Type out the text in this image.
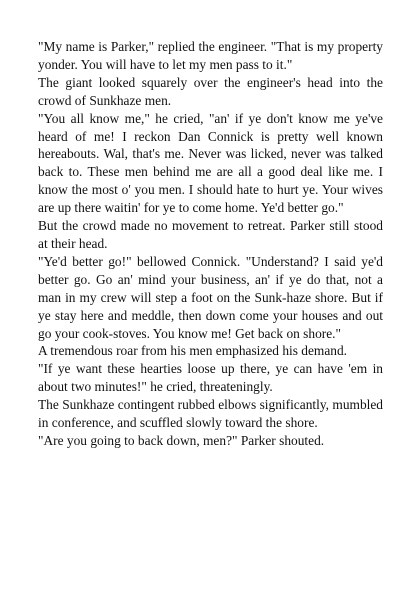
"My name is Parker," replied the engineer. "That is my property yonder. You will have to let my men pass to it."

The giant looked squarely over the engineer's head into the crowd of Sunkhaze men.

"You all know me," he cried, "an' if ye don't know me ye've heard of me! I reckon Dan Connick is pretty well known hereabouts. Wal, that's me. Never was licked, never was talked back to. These men behind me are all a good deal like me. I know the most o' you men. I should hate to hurt ye. Your wives are up there waitin' for ye to come home. Ye'd better go."

But the crowd made no movement to retreat. Parker still stood at their head.

"Ye'd better go!" bellowed Connick. "Understand? I said ye'd better go. Go an' mind your business, an' if ye do that, not a man in my crew will step a foot on the Sunk-haze shore. But if ye stay here and meddle, then down come your houses and out go your cook-stoves. You know me! Get back on shore."

A tremendous roar from his men emphasized his demand.

"If ye want these hearties loose up there, ye can have 'em in about two minutes!" he cried, threateningly.

The Sunkhaze contingent rubbed elbows significantly, mumbled in conference, and scuffled slowly toward the shore.

"Are you going to back down, men?" Parker shouted.
